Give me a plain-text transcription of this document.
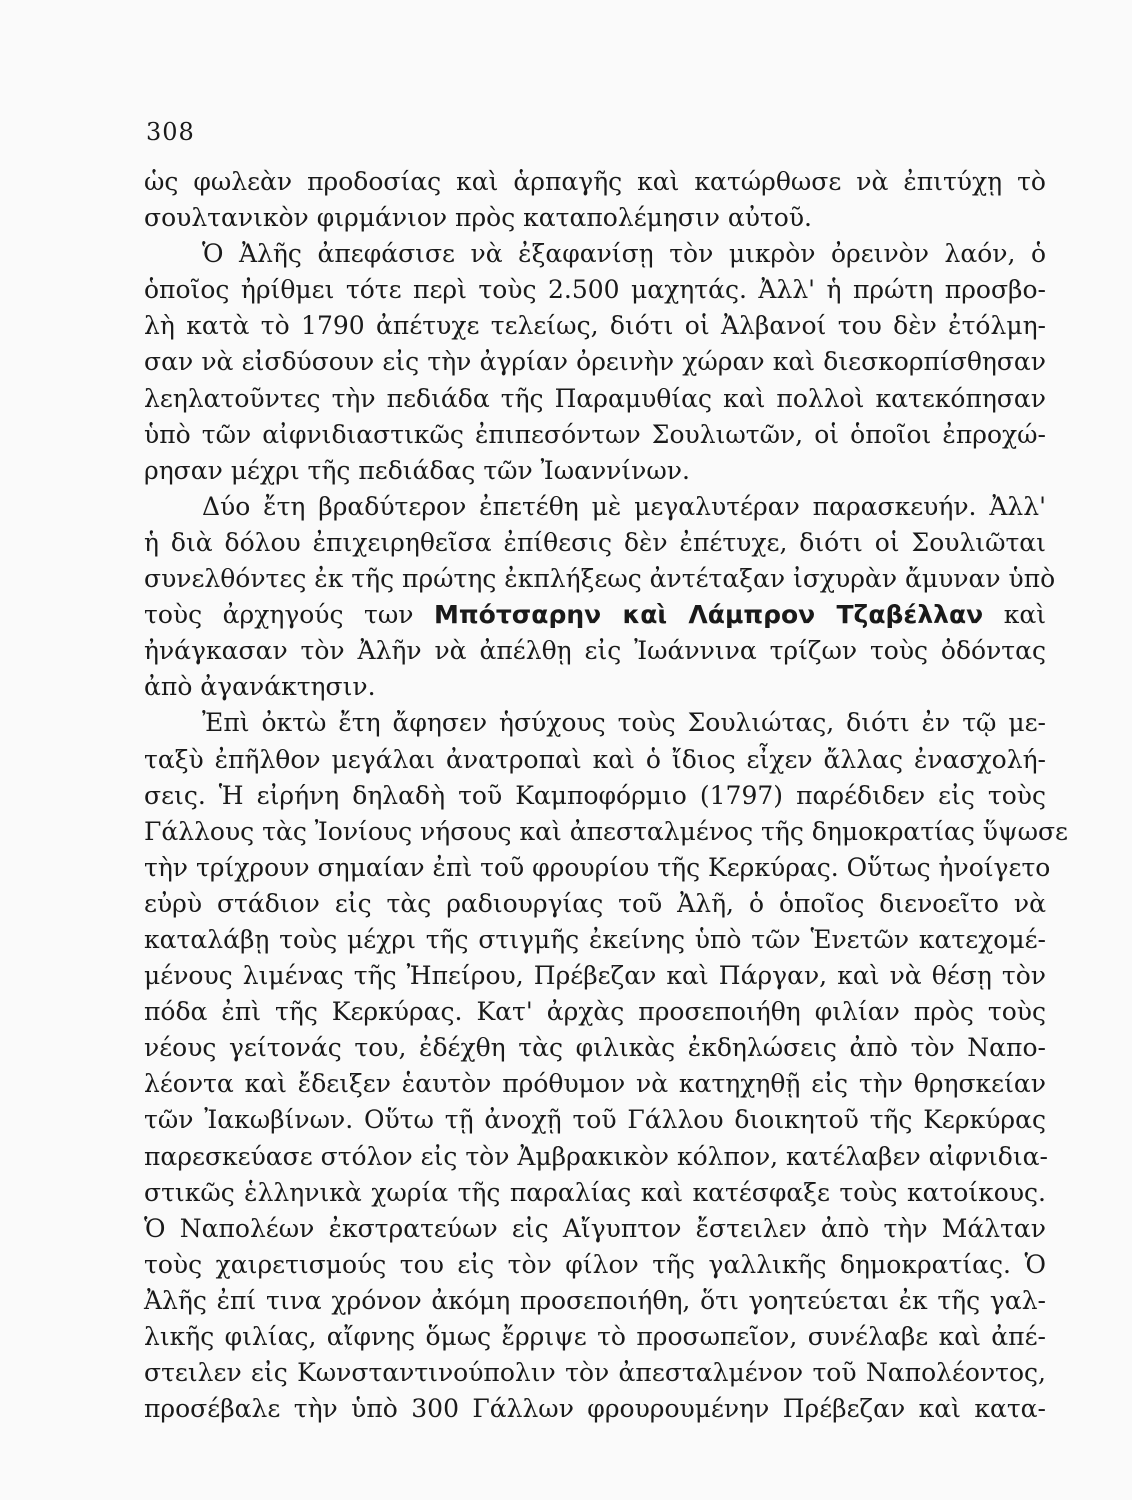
308
ὡς φωλεὰν προδοσίας καὶ ἁρπαγῆς καὶ κατώρθωσε νὰ ἐπιτύχῃ τὸ
σουλτανικὸν φιρμάνιον πρὸς καταπολέμησιν αὐτοῦ.
Ὁ Ἀλῆς ἀπεφάσισε νὰ ἐξαφανίσῃ τὸν μικρὸν ὀρεινὸν λαόν, ὁ
ὁποῖος ἠρίθμει τότε περὶ τοὺς 2.500 μαχητάς. Ἀλλ' ἡ πρώτη προσβο-
λὴ κατὰ τὸ 1790 ἀπέτυχε τελείως, διότι οἱ Ἀλβανοί του δὲν ἐτόλμη-
σαν νὰ εἰσδύσουν εἰς τὴν ἀγρίαν ὀρεινὴν χώραν καὶ διεσκορπίσθησαν
λεηλατοῦντες τὴν πεδιάδα τῆς Παραμυθίας καὶ πολλοὶ κατεκόπησαν
ὑπὸ τῶν αἰφνιδιαστικῶς ἐπιπεσόντων Σουλιωτῶν, οἱ ὁποῖοι ἐπροχώ-
ρησαν μέχρι τῆς πεδιάδας τῶν Ἰωαννίνων.
Δύο ἔτη βραδύτερον ἐπετέθη μὲ μεγαλυτέραν παρασκευήν. Ἀλλ'
ἡ διὰ δόλου ἐπιχειρηθεῖσα ἐπίθεσις δὲν ἐπέτυχε, διότι οἱ Σουλιῶται
συνελθόντες ἐκ τῆς πρώτης ἐκπλήξεως ἀντέταξαν ἰσχυρὰν ἄμυναν ὑπὸ
τοὺς ἀρχηγούς των Μπότσαρην καὶ Λάμπρον Τζαβέλλαν καὶ
ἠνάγκασαν τὸν Ἀλῆν νὰ ἀπέλθῃ εἰς Ἰωάννινα τρίζων τοὺς ὀδόντας
ἀπὸ ἀγανάκτησιν.
Ἐπὶ ὀκτὼ ἔτη ἄφησεν ἡσύχους τοὺς Σουλιώτας, διότι ἐν τῷ με-
ταξὺ ἐπῆλθον μεγάλαι ἀνατροπαὶ καὶ ὁ ἴδιος εἶχεν ἄλλας ἐνασχολή-
σεις. Ἡ εἰρήνη δηλαδὴ τοῦ Καμποφόρμιο (1797) παρέδιδεν εἰς τοὺς
Γάλλους τὰς Ἰονίους νήσους καὶ ἀπεσταλμένος τῆς δημοκρατίας ὕψωσε
τὴν τρίχρουν σημαίαν ἐπὶ τοῦ φρουρίου τῆς Κερκύρας. Οὕτως ἠνοίγετο
εὐρὺ στάδιον εἰς τὰς ραδιουργίας τοῦ Ἀλῆ, ὁ ὁποῖος διενοεῖτο νὰ
καταλάβῃ τοὺς μέχρι τῆς στιγμῆς ἐκείνης ὑπὸ τῶν Ἑνετῶν κατεχομέ-
μένους λιμένας τῆς Ἠπείρου, Πρέβεζαν καὶ Πάργαν, καὶ νὰ θέσῃ τὸν
πόδα ἐπὶ τῆς Κερκύρας. Κατ' ἀρχὰς προσεποιήθη φιλίαν πρὸς τοὺς
νέους γείτονάς του, ἐδέχθη τὰς φιλικὰς ἐκδηλώσεις ἀπὸ τὸν Ναπο-
λέοντα καὶ ἔδειξεν ἑαυτὸν πρόθυμον νὰ κατηχηθῇ εἰς τὴν θρησκείαν
τῶν Ἰακωβίνων. Οὕτω τῇ ἀνοχῇ τοῦ Γάλλου διοικητοῦ τῆς Κερκύρας
παρεσκεύασε στόλον εἰς τὸν Ἀμβρακικὸν κόλπον, κατέλαβεν αἰφνιδια-
στικῶς ἑλληνικὰ χωρία τῆς παραλίας καὶ κατέσφαξε τοὺς κατοίκους.
Ὁ Ναπολέων ἐκστρατεύων εἰς Αἴγυπτον ἔστειλεν ἀπὸ τὴν Μάλταν
τοὺς χαιρετισμούς του εἰς τὸν φίλον τῆς γαλλικῆς δημοκρατίας. Ὁ
Ἀλῆς ἐπί τινα χρόνον ἀκόμη προσεποιήθη, ὅτι γοητεύεται ἐκ τῆς γαλ-
λικῆς φιλίας, αἴφνης ὅμως ἔρριψε τὸ προσωπεῖον, συνέλαβε καὶ ἀπέ-
στειλεν εἰς Κωνσταντινούπολιν τὸν ἀπεσταλμένον τοῦ Ναπολέοντος,
προσέβαλε τὴν ὑπὸ 300 Γάλλων φρουρουμένην Πρέβεζαν καὶ κατα-
